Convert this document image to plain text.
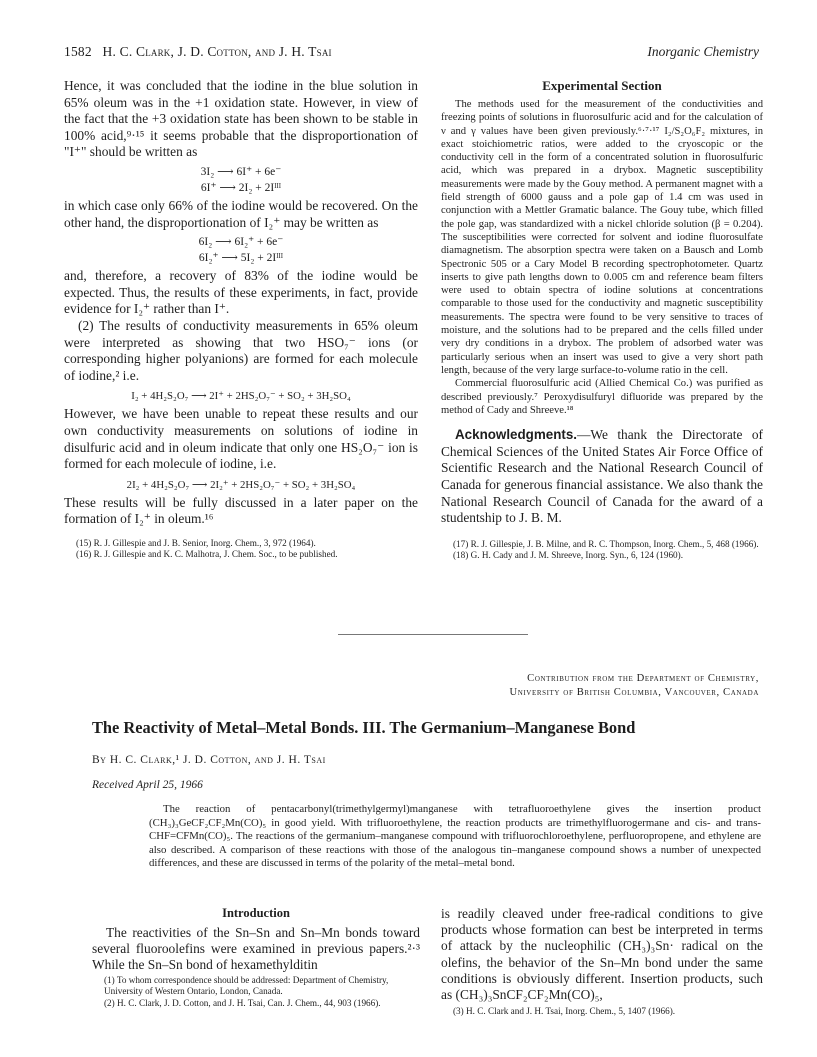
1582 H. C. Clark, J. D. Cotton, and J. H. Tsai	Inorganic Chemistry

Hence, it was concluded that the iodine in the blue solution in 65% oleum was in the +1 oxidation state. However, in view of the fact that the +3 oxidation state has been shown to be stable in 100% acid,⁹·¹⁵ it seems probable that the disproportionation of "I⁺" should be written as

3I₂ ⟶ 6I⁺ + 6e⁻
6I⁺ ⟶ 2I₂ + 2Iᴵᴵᴵ

in which case only 66% of the iodine would be recovered. On the other hand, the disproportionation of I₂⁺ may be written as

6I₂ ⟶ 6I₂⁺ + 6e⁻
6I₂⁺ ⟶ 5I₂ + 2Iᴵᴵᴵ

and, therefore, a recovery of 83% of the iodine would be expected. Thus, the results of these experiments, in fact, provide evidence for I₂⁺ rather than I⁺.

(2) The results of conductivity measurements in 65% oleum were interpreted as showing that two HSO₇⁻ ions (or corresponding higher polyanions) are formed for each molecule of iodine,² i.e.

I₂ + 4H₂S₂O₇ ⟶ 2I⁺ + 2HS₂O₇⁻ + SO₂ + 3H₂SO₄

However, we have been unable to repeat these results and our own conductivity measurements on solutions of iodine in disulfuric acid and in oleum indicate that only one HS₂O₇⁻ ion is formed for each molecule of iodine, i.e.

2I₂ + 4H₂S₂O₇ ⟶ 2I₂⁺ + 2HS₂O₇⁻ + SO₂ + 3H₂SO₄

These results will be fully discussed in a later paper on the formation of I₂⁺ in oleum.¹⁶

(15) R. J. Gillespie and J. B. Senior, Inorg. Chem., 3, 972 (1964).

(16) R. J. Gillespie and K. C. Malhotra, J. Chem. Soc., to be published.

Experimental Section

The methods used for the measurement of the conductivities and freezing points of solutions in fluorosulfuric acid and for the calculation of ν and γ values have been given previously.⁶·⁷·¹⁷ I₂/S₂O₆F₂ mixtures, in exact stoichiometric ratios, were added to the cryoscopic or the conductivity cell in the form of a concentrated solution in fluorosulfuric acid, which was prepared in a drybox. Magnetic susceptibility measurements were made by the Gouy method. A permanent magnet with a field strength of 6000 gauss and a pole gap of 1.4 cm was used in conjunction with a Mettler Gramatic balance. The Gouy tube, which filled the pole gap, was standardized with a nickel chloride solution (β = 0.204). The susceptibilities were corrected for solvent and iodine fluorosulfate diamagnetism. The absorption spectra were taken on a Bausch and Lomb Spectronic 505 or a Cary Model B recording spectrophotometer. Quartz inserts to give path lengths down to 0.005 cm and reference beam filters were used to obtain spectra of iodine solutions at concentrations comparable to those used for the conductivity and magnetic susceptibility measurements. The spectra were found to be very sensitive to traces of moisture, and the solutions had to be prepared and the cells filled under very dry conditions in a drybox. The problem of adsorbed water was particularly serious when an insert was used to give a very short path length, because of the very large surface-to-volume ratio in the cell.

Commercial fluorosulfuric acid (Allied Chemical Co.) was purified as described previously.⁷ Peroxydisulfuryl difluoride was prepared by the method of Cady and Shreeve.¹⁸

Acknowledgments.—We thank the Directorate of Chemical Sciences of the United States Air Force Office of Scientific Research and the National Research Council of Canada for generous financial assistance. We also thank the National Research Council of Canada for the award of a studentship to J. B. M.

(17) R. J. Gillespie, J. B. Milne, and R. C. Thompson, Inorg. Chem., 5, 468 (1966).

(18) G. H. Cady and J. M. Shreeve, Inorg. Syn., 6, 124 (1960).

Contribution from the Department of Chemistry,
University of British Columbia, Vancouver, Canada
The Reactivity of Metal–Metal Bonds. III. The Germanium–Manganese Bond
By H. C. Clark,¹ J. D. Cotton, and J. H. Tsai
Received April 25, 1966

The reaction of pentacarbonyl(trimethylgermyl)manganese with tetrafluoroethylene gives the insertion product (CH₃)₃GeCF₂CF₂Mn(CO)₅ in good yield. With trifluoroethylene, the reaction products are trimethylfluorogermane and cis- and trans-CHF=CFMn(CO)₅. The reactions of the germanium–manganese compound with trifluorochloroethylene, perfluoropropene, and ethylene are also described. A comparison of these reactions with those of the analogous tin–manganese compound shows a number of unexpected differences, and these are discussed in terms of the polarity of the metal–metal bond.

Introduction

The reactivities of the Sn–Sn and Sn–Mn bonds toward several fluoroolefins were examined in previous papers.²·³ While the Sn–Sn bond of hexamethylditin

(1) To whom correspondence should be addressed: Department of Chemistry, University of Western Ontario, London, Canada.

(2) H. C. Clark, J. D. Cotton, and J. H. Tsai, Can. J. Chem., 44, 903 (1966).

is readily cleaved under free-radical conditions to give products whose formation can best be interpreted in terms of attack by the nucleophilic (CH₃)₃Sn· radical on the olefins, the behavior of the Sn–Mn bond under the same conditions is obviously different. Insertion products, such as (CH₃)₃SnCF₂CF₂Mn(CO)₅,

(3) H. C. Clark and J. H. Tsai, Inorg. Chem., 5, 1407 (1966).
